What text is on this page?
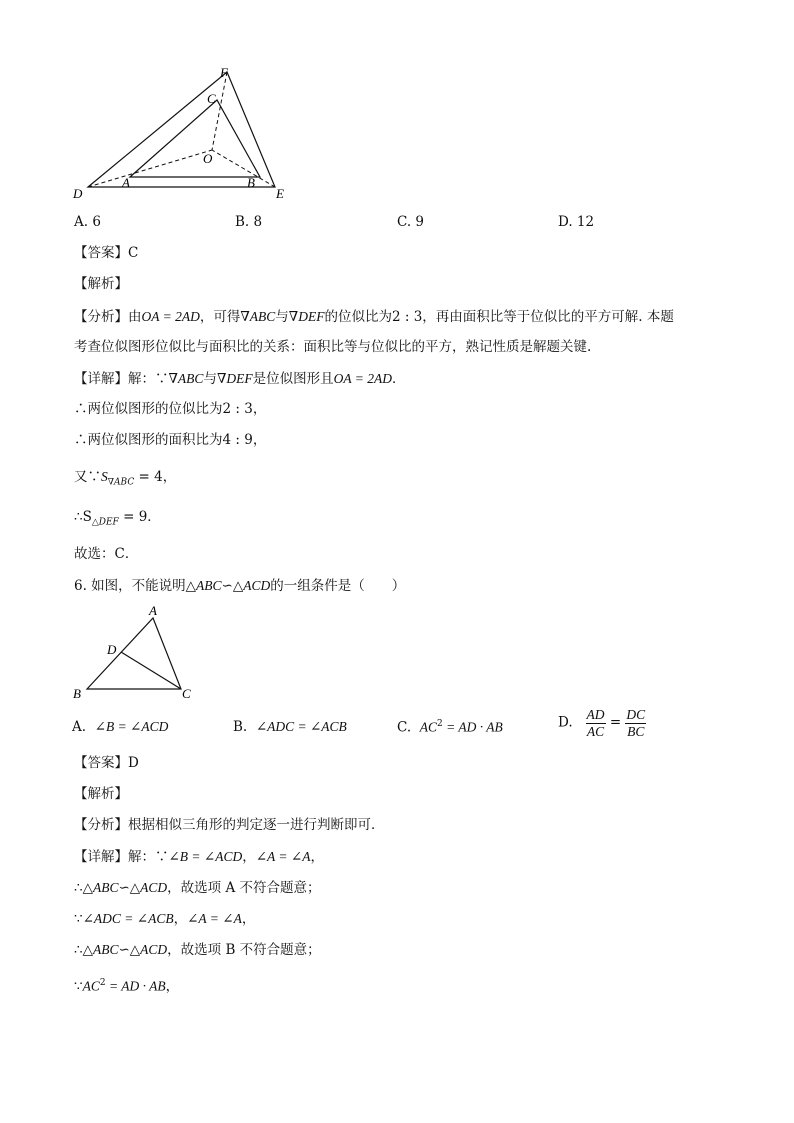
F
C
O
D
A	B
E
A. 6	B. 8	C. 9	D. 12
【答案】C
【解析】
【分析】由OA = 2AD，可得∇ABC与∇DEF的位似比为2 : 3，再由面积比等于位似比的平方可解. 本题
考查位似图形位似比与面积比的关系：面积比等与位似比的平方，熟记性质是解题关键.
【详解】解：∵∇ABC与∇DEF是位似图形且OA = 2AD．
∴两位似图形的位似比为2 : 3，
∴两位似图形的面积比为4 : 9，
又$\because S_{\nabla ABC} = 4$，
$\therefore S_{\triangle DEF} = 9$．
故选：C．
6. 如图，不能说明△ABC∽△ACD的一组条件是（　　）
A
D
B	C
A. ∠B = ∠ACD	B. ∠ADC = ∠ACB	C. $AC^2$ = AD · AB	D. $\frac{AD}{AC} = \frac{DC}{BC}$
【答案】D
【解析】
【分析】根据相似三角形的判定逐一进行判断即可．
【详解】解：∵∠B = ∠ACD，∠A = ∠A，
∴△ABC∽△ACD，故选项 A 不符合题意；
∵∠ADC = ∠ACB，∠A = ∠A，
∴△ABC∽△ACD，故选项 B 不符合题意；
$\because AC^2$ = AD · AB，
